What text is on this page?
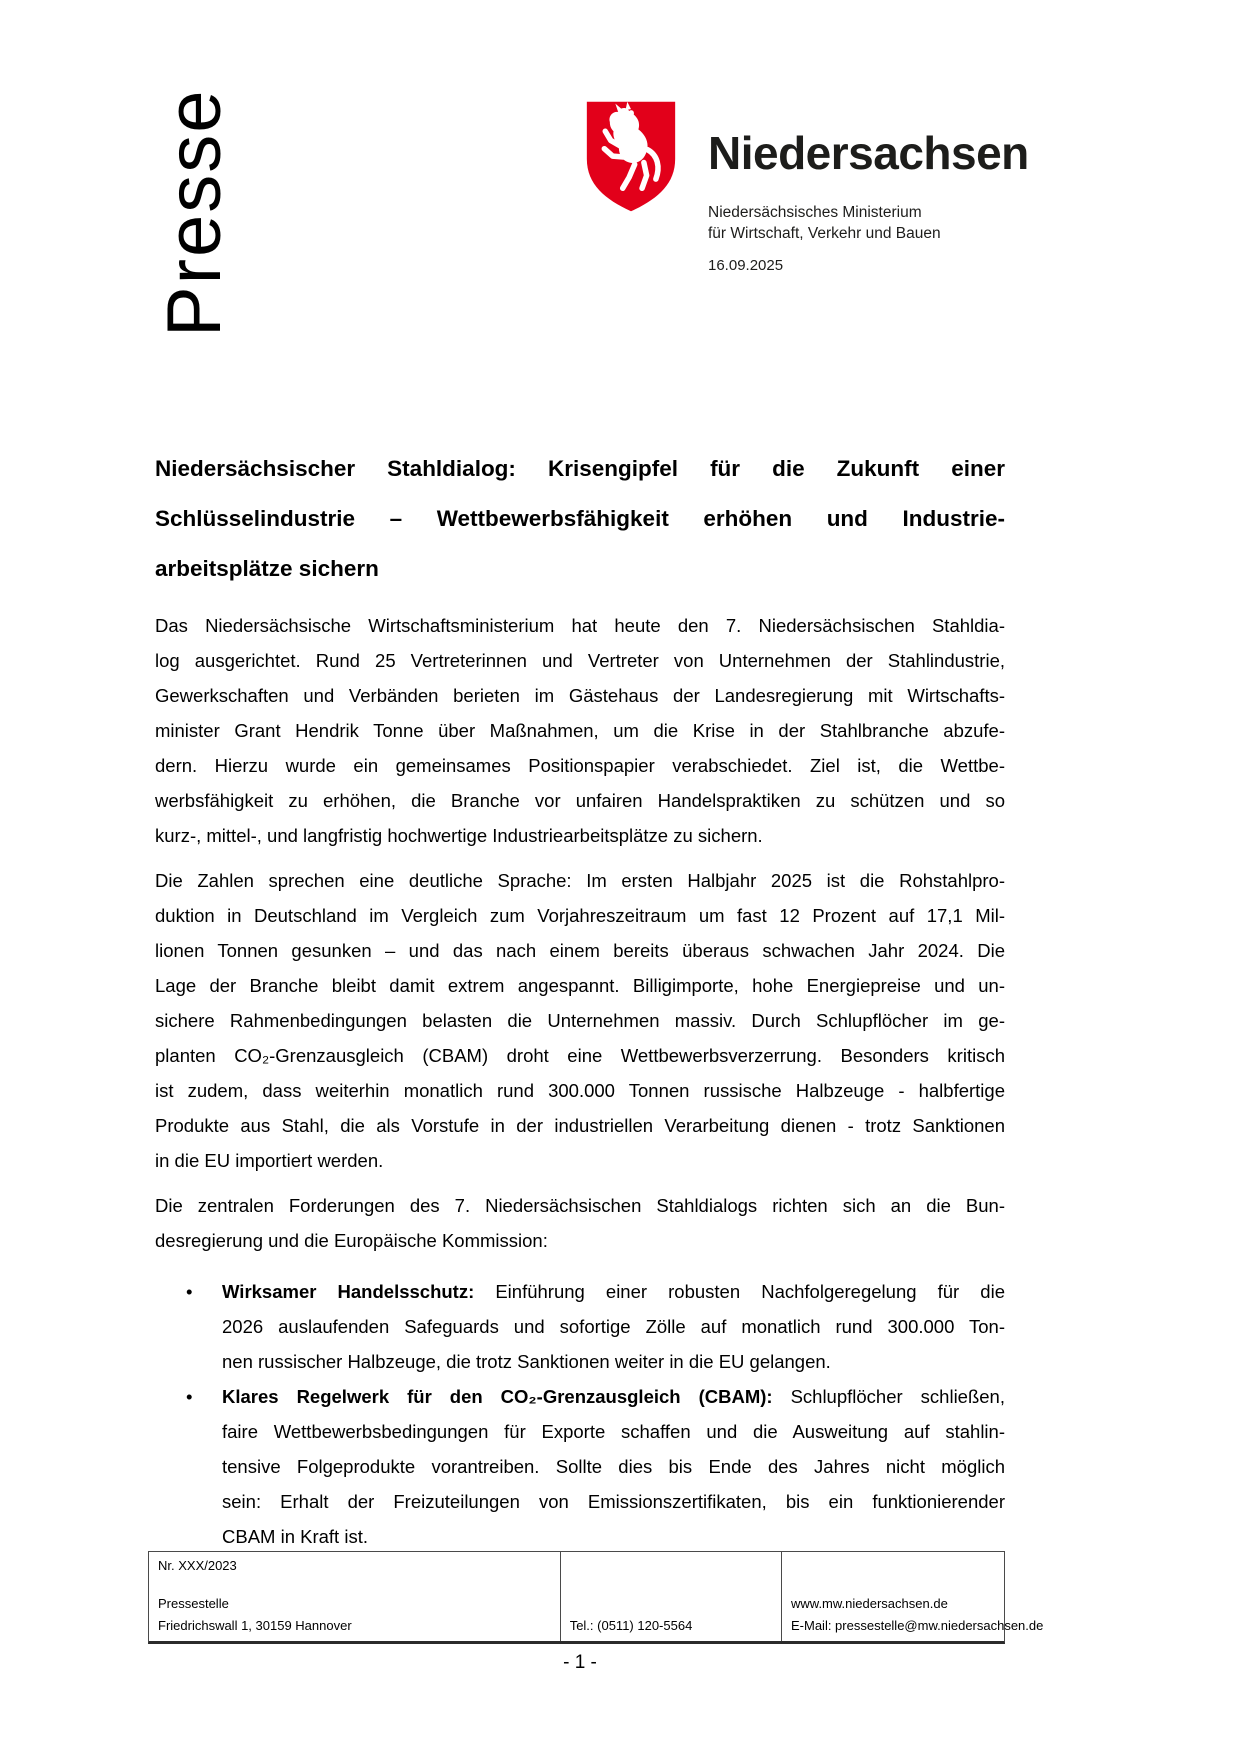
Presse	Niedersachsen
Niedersächsisches Ministerium
für Wirtschaft, Verkehr und Bauen
16.09.2025
Niedersächsischer Stahldialog: Krisengipfel für die Zukunft einer
Schlüsselindustrie – Wettbewerbsfähigkeit erhöhen und Industrie-
arbeitsplätze sichern
Das Niedersächsische Wirtschaftsministerium hat heute den 7. Niedersächsischen Stahldia-
log ausgerichtet. Rund 25 Vertreterinnen und Vertreter von Unternehmen der Stahlindustrie,
Gewerkschaften und Verbänden berieten im Gästehaus der Landesregierung mit Wirtschafts-
minister Grant Hendrik Tonne über Maßnahmen, um die Krise in der Stahlbranche abzufe-
dern. Hierzu wurde ein gemeinsames Positionspapier verabschiedet. Ziel ist, die Wettbe-
werbsfähigkeit zu erhöhen, die Branche vor unfairen Handelspraktiken zu schützen und so
kurz-, mittel-, und langfristig hochwertige Industriearbeitsplätze zu sichern.
Die Zahlen sprechen eine deutliche Sprache: Im ersten Halbjahr 2025 ist die Rohstahlpro-
duktion in Deutschland im Vergleich zum Vorjahreszeitraum um fast 12 Prozent auf 17,1 Mil-
lionen Tonnen gesunken – und das nach einem bereits überaus schwachen Jahr 2024. Die
Lage der Branche bleibt damit extrem angespannt. Billigimporte, hohe Energiepreise und un-
sichere Rahmenbedingungen belasten die Unternehmen massiv. Durch Schlupflöcher im ge-
planten CO₂-Grenzausgleich (CBAM) droht eine Wettbewerbsverzerrung. Besonders kritisch
ist zudem, dass weiterhin monatlich rund 300.000 Tonnen russische Halbzeuge - halbfertige
Produkte aus Stahl, die als Vorstufe in der industriellen Verarbeitung dienen - trotz Sanktionen
in die EU importiert werden.
Die zentralen Forderungen des 7. Niedersächsischen Stahldialogs richten sich an die Bun-
desregierung und die Europäische Kommission:
•	Wirksamer Handelsschutz: Einführung einer robusten Nachfolgeregelung für die
2026 auslaufenden Safeguards und sofortige Zölle auf monatlich rund 300.000 Ton-
nen russischer Halbzeuge, die trotz Sanktionen weiter in die EU gelangen.
•	Klares Regelwerk für den CO₂-Grenzausgleich (CBAM): Schlupflöcher schließen,
faire Wettbewerbsbedingungen für Exporte schaffen und die Ausweitung auf stahlin-
tensive Folgeprodukte vorantreiben. Sollte dies bis Ende des Jahres nicht möglich
sein: Erhalt der Freizuteilungen von Emissionszertifikaten, bis ein funktionierender
CBAM in Kraft ist.
Nr. XXX/2023
Pressestelle
Friedrichswall 1, 30159 Hannover	Tel.: (0511) 120-5564
www.mw.niedersachsen.de
E-Mail: pressestelle@mw.niedersachsen.de
- 1 -
